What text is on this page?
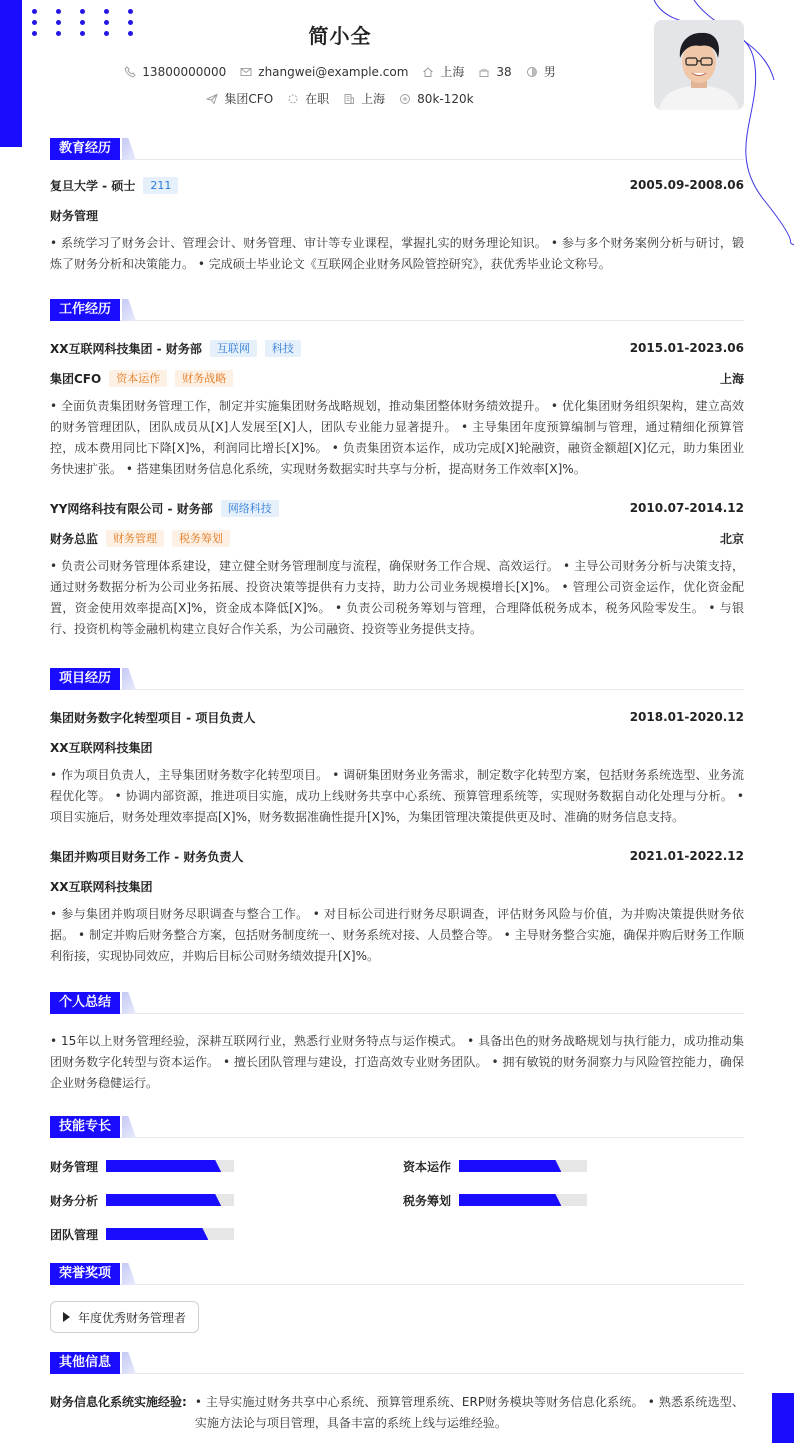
简小全
13800000000	zhangwei@example.com	上海	38	男
集团CFO	在职	上海	80k-120k
教育经历
复旦大学 - 硕士	211	2005.09-2008.06
财务管理
• 系统学习了财务会计、管理会计、财务管理、审计等专业课程，掌握扎实的财务理论知识。 • 参与多个财务案例分析与研讨，锻炼了财务分析和决策能力。 • 完成硕士毕业论文《互联网企业财务风险管控研究》，获优秀毕业论文称号。
工作经历
XX互联网科技集团 - 财务部	互联网	科技	2015.01-2023.06
集团CFO	资本运作	财务战略	上海
• 全面负责集团财务管理工作，制定并实施集团财务战略规划，推动集团整体财务绩效提升。 • 优化集团财务组织架构，建立高效的财务管理团队，团队成员从[X]人发展至[X]人，团队专业能力显著提升。 • 主导集团年度预算编制与管理，通过精细化预算管控，成本费用同比下降[X]%，利润同比增长[X]%。 • 负责集团资本运作，成功完成[X]轮融资，融资金额超[X]亿元，助力集团业务快速扩张。 • 搭建集团财务信息化系统，实现财务数据实时共享与分析，提高财务工作效率[X]%。
YY网络科技有限公司 - 财务部	网络科技	2010.07-2014.12
财务总监	财务管理	税务筹划	北京
• 负责公司财务管理体系建设，建立健全财务管理制度与流程，确保财务工作合规、高效运行。 • 主导公司财务分析与决策支持，通过财务数据分析为公司业务拓展、投资决策等提供有力支持，助力公司业务规模增长[X]%。 • 管理公司资金运作，优化资金配置，资金使用效率提高[X]%，资金成本降低[X]%。 • 负责公司税务筹划与管理，合理降低税务成本，税务风险零发生。 • 与银行、投资机构等金融机构建立良好合作关系，为公司融资、投资等业务提供支持。
项目经历
集团财务数字化转型项目 - 项目负责人	2018.01-2020.12
XX互联网科技集团
• 作为项目负责人，主导集团财务数字化转型项目。 • 调研集团财务业务需求，制定数字化转型方案，包括财务系统选型、业务流程优化等。 • 协调内部资源，推进项目实施，成功上线财务共享中心系统、预算管理系统等，实现财务数据自动化处理与分析。 • 项目实施后，财务处理效率提高[X]%，财务数据准确性提升[X]%，为集团管理决策提供更及时、准确的财务信息支持。
集团并购项目财务工作 - 财务负责人	2021.01-2022.12
XX互联网科技集团
• 参与集团并购项目财务尽职调查与整合工作。 • 对目标公司进行财务尽职调查，评估财务风险与价值，为并购决策提供财务依据。 • 制定并购后财务整合方案，包括财务制度统一、财务系统对接、人员整合等。 • 主导财务整合实施，确保并购后财务工作顺利衔接，实现协同效应，并购后目标公司财务绩效提升[X]%。
个人总结
• 15年以上财务管理经验，深耕互联网行业，熟悉行业财务特点与运作模式。 • 具备出色的财务战略规划与执行能力，成功推动集团财务数字化转型与资本运作。 • 擅长团队管理与建设，打造高效专业财务团队。 • 拥有敏锐的财务洞察力与风险管控能力，确保企业财务稳健运行。
技能专长
财务管理	资本运作
财务分析	税务筹划
团队管理
荣誉奖项
年度优秀财务管理者
其他信息
财务信息化系统实施经验: • 主导实施过财务共享中心系统、预算管理系统、ERP财务模块等财务信息化系统。 • 熟悉系统选型、实施方法论与项目管理，具备丰富的系统上线与运维经验。
